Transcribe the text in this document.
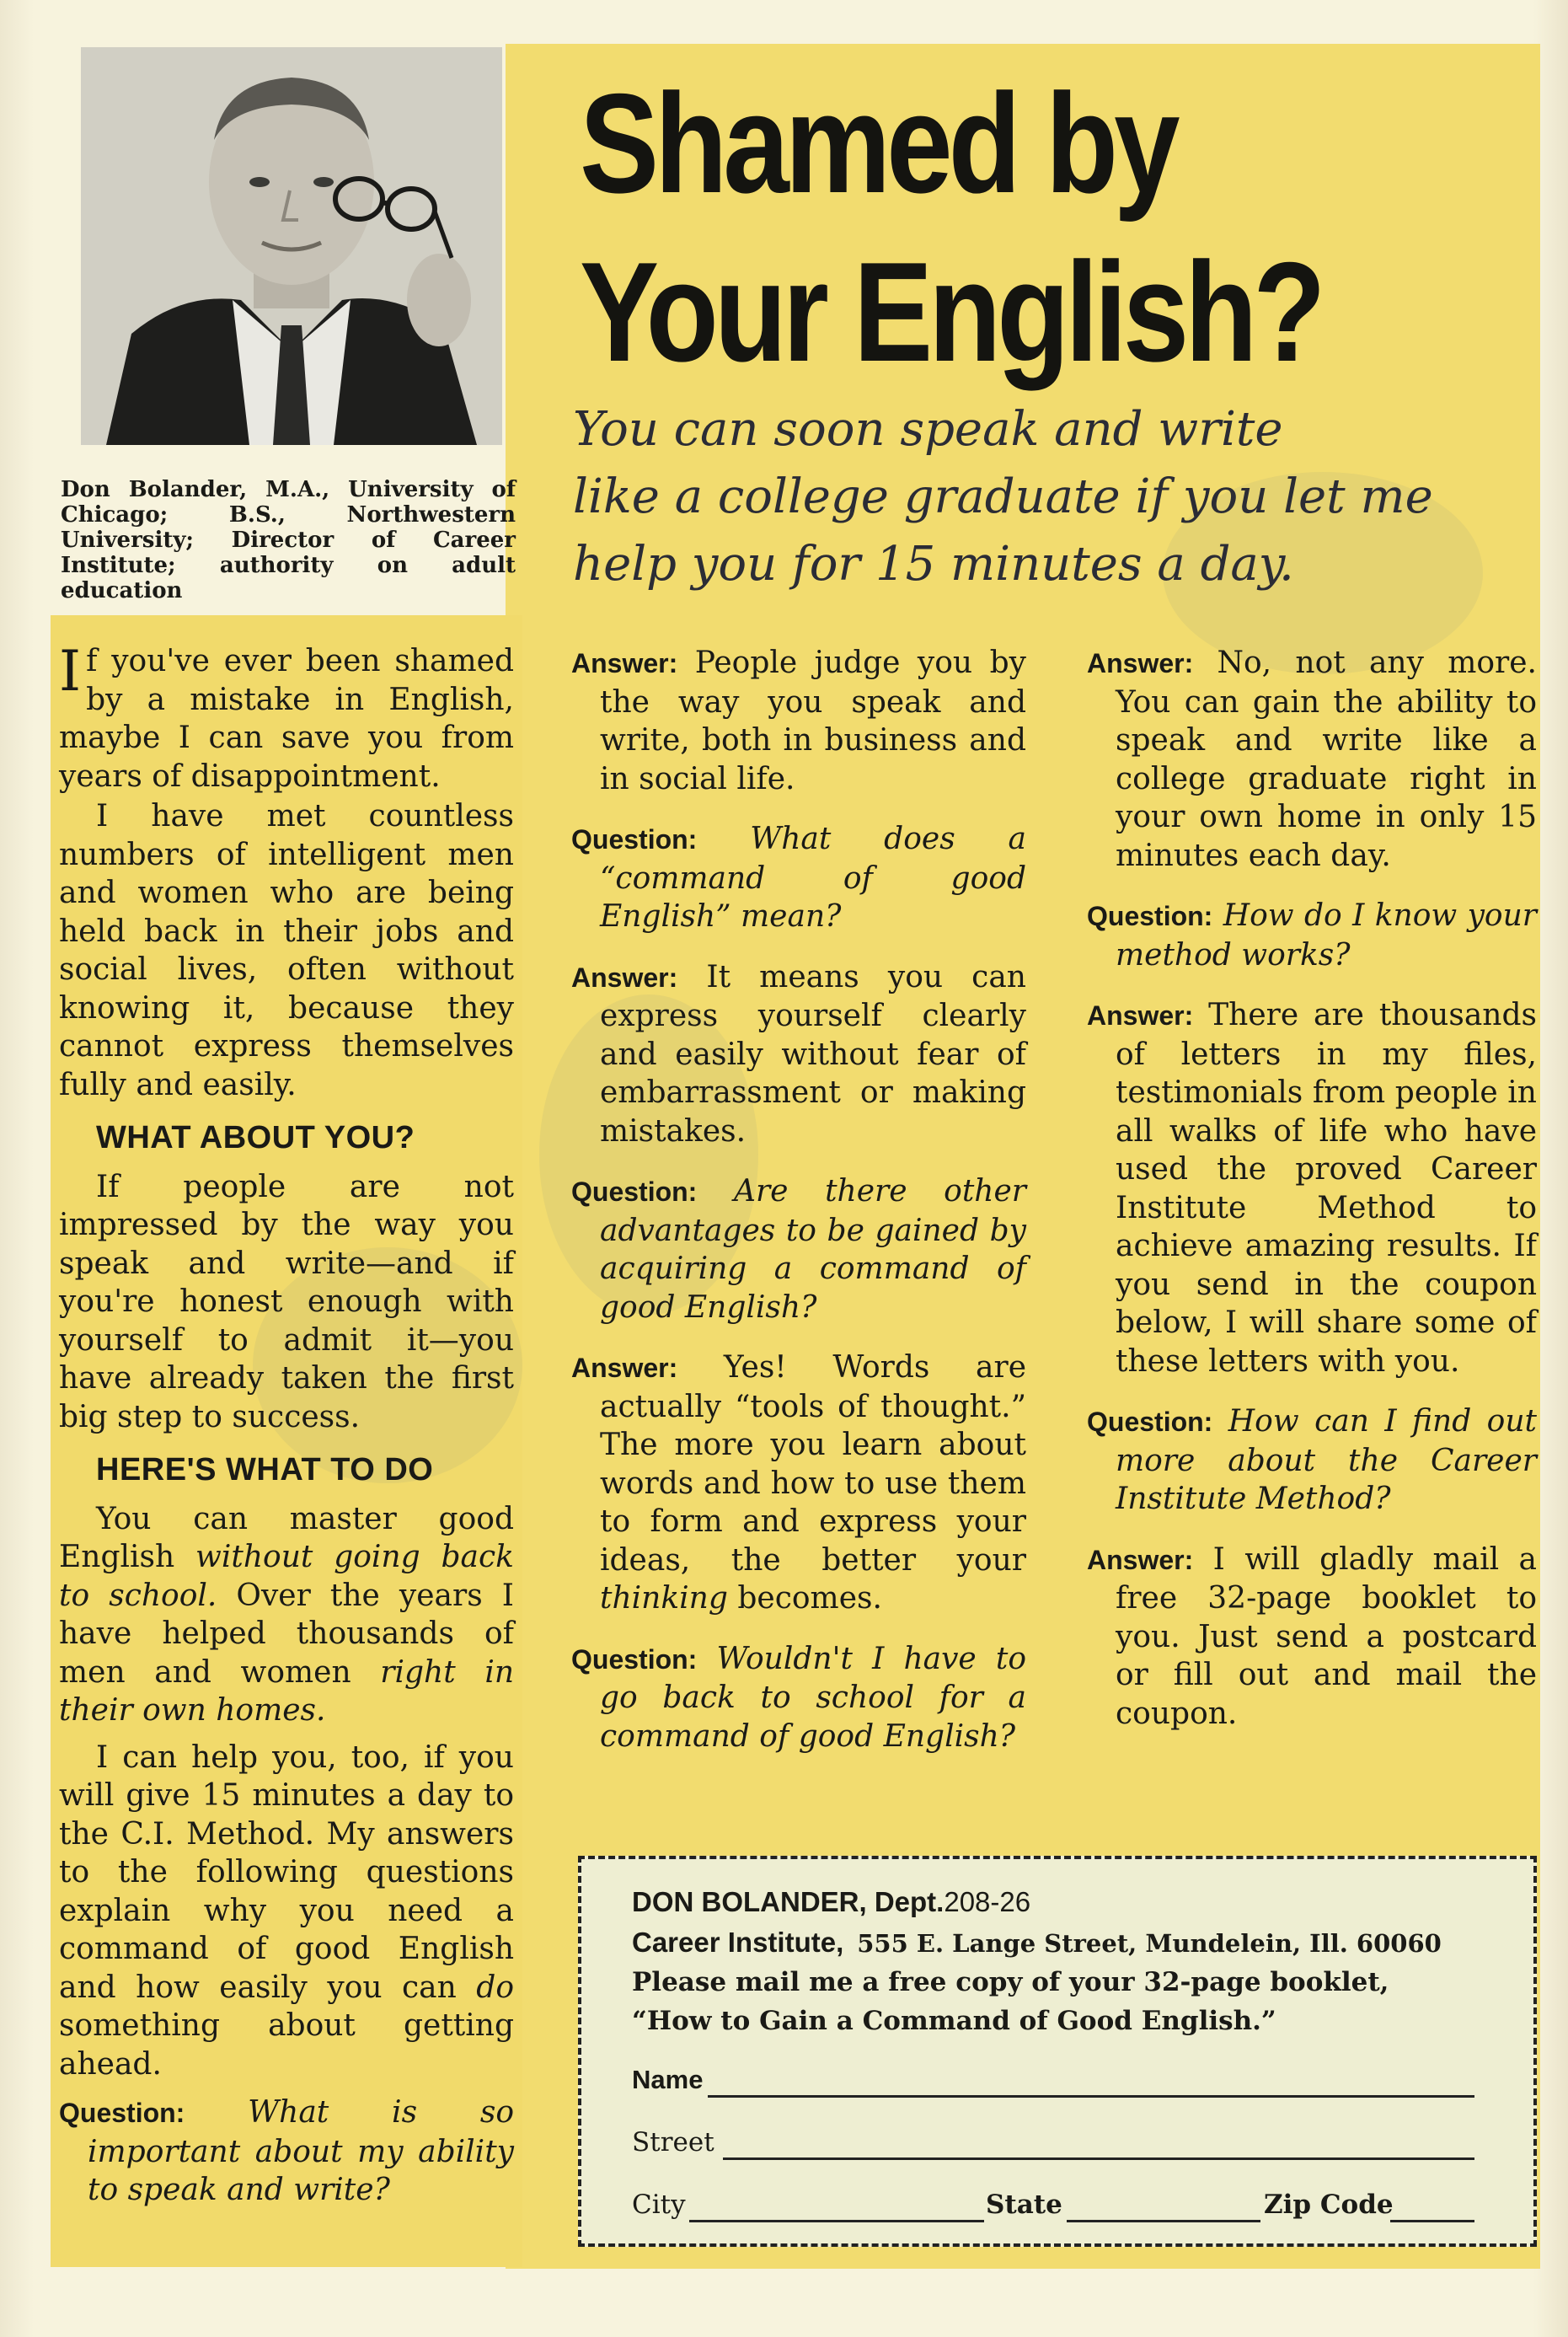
Don Bolander, M.A., University of Chicago; B.S., Northwestern University; Director of Career Institute; authority on adult education
Shamed by
Your English?
You can soon speak and write
like a college graduate if you let me
help you for 15 minutes a day.

If you've ever been shamed by a mistake in English, maybe I can save you from years of disappointment.

I have met countless numbers of intelligent men and women who are being held back in their jobs and social lives, often without knowing it, because they cannot express themselves fully and easily.

WHAT ABOUT YOU?

If people are not impressed by the way you speak and write—and if you're honest enough with yourself to admit it—you have already taken the first big step to success.

HERE'S WHAT TO DO

You can master good English without going back to school. Over the years I have helped thousands of men and women right in their own homes.

I can help you, too, if you will give 15 minutes a day to the C.I. Method. My answers to the following questions explain why you need a command of good English and how easily you can do something about getting ahead.

Question: What is so important about my ability to speak and write?

Answer: People judge you by the way you speak and write, both in business and in social life.

Question: What does a “command of good English” mean?

Answer: It means you can express yourself clearly and easily without fear of embarrassment or making mistakes.

Question: Are there other advantages to be gained by acquiring a command of good English?

Answer: Yes! Words are actually “tools of thought.” The more you learn about words and how to use them to form and express your ideas, the better your thinking becomes.

Question: Wouldn't I have to go back to school for a command of good English?

Answer: No, not any more. You can gain the ability to speak and write like a college graduate right in your own home in only 15 minutes each day.

Question: How do I know your method works?

Answer: There are thousands of letters in my files, testimonials from people in all walks of life who have used the proved Career Institute Method to achieve amazing results. If you send in the coupon below, I will share some of these letters with you.

Question: How can I find out more about the Career Institute Method?

Answer: I will gladly mail a free 32-page booklet to you. Just send a postcard or fill out and mail the coupon.

DON BOLANDER, Dept.208-26
Career Institute, 555 E. Lange Street, Mundelein, Ill. 60060
Please mail me a free copy of your 32-page booklet,
“How to Gain a Command of Good English.”
Name
Street
City	State	Zip Code
